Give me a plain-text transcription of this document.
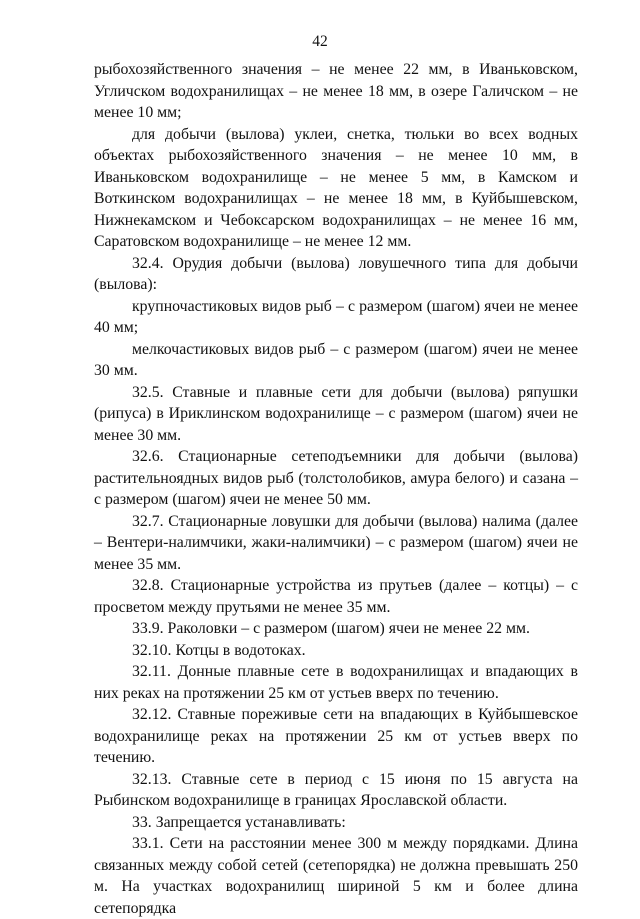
42

рыбохозяйственного значения – не менее 22 мм, в Иваньковском, Угличском водохранилищах – не менее 18 мм, в озере Галичском – не менее 10 мм;

для добычи (вылова) уклеи, снетка, тюльки во всех водных объектах рыбохозяйственного значения – не менее 10 мм, в Иваньковском водохранилище – не менее 5 мм, в Камском и Воткинском водохранилищах – не менее 18 мм, в Куйбышевском, Нижнекамском и Чебоксарском водохранилищах – не менее 16 мм, Саратовском водохранилище – не менее 12 мм.

32.4. Орудия добычи (вылова) ловушечного типа для добычи (вылова):

крупночастиковых видов рыб – с размером (шагом) ячеи не менее 40 мм;

мелкочастиковых видов рыб – с размером (шагом) ячеи не менее 30 мм.

32.5. Ставные и плавные сети для добычи (вылова) ряпушки (рипуса) в Ириклинском водохранилище – с размером (шагом) ячеи не менее 30 мм.

32.6. Стационарные сетеподъемники для добычи (вылова) растительноядных видов рыб (толстолобиков, амура белого) и сазана – с размером (шагом) ячеи не менее 50 мм.

32.7. Стационарные ловушки для добычи (вылова) налима (далее – Вентери-налимчики, жаки-налимчики) – с размером (шагом) ячеи не менее 35 мм.

32.8. Стационарные устройства из прутьев (далее – котцы) – с просветом между прутьями не менее 35 мм.

33.9. Раколовки – с размером (шагом) ячеи не менее 22 мм.

32.10. Котцы в водотоках.

32.11. Донные плавные сете в водохранилищах и впадающих в них реках на протяжении 25 км от устьев вверх по течению.

32.12. Ставные пореживые сети на впадающих в Куйбышевское водохранилище реках на протяжении 25 км от устьев вверх по течению.

32.13. Ставные сете в период с 15 июня по 15 августа на Рыбинском водохранилище в границах Ярославской области.

33. Запрещается устанавливать:

33.1. Сети на расстоянии менее 300 м между порядками. Длина связанных между собой сетей (сетепорядка) не должна превышать 250 м. На участках водохранилищ шириной 5 км и более длина сетепорядка
